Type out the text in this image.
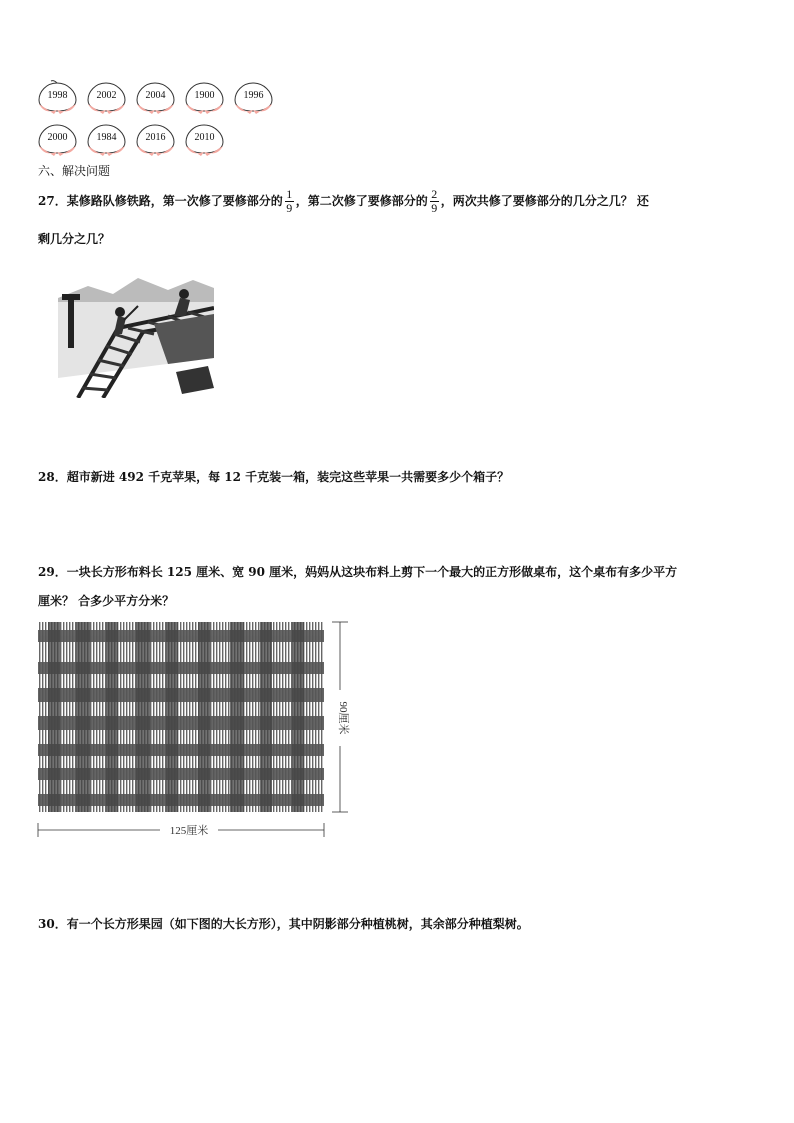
1998	2002	2004	1900	1996
2000	1984	2016	2010
六、解决问题
27．某修路队修铁路，第一次修了要修部分的 $\frac{1}{9}$ ，第二次修了要修部分的 $\frac{2}{9}$ ，两次共修了要修部分的几分之几？ 还
剩几分之几？
28．超市新进 492 千克苹果，每 12 千克装一箱，装完这些苹果一共需要多少个箱子？
29．一块长方形布料长 125 厘米、宽 90 厘米，妈妈从这块布料上剪下一个最大的正方形做桌布，这个桌布有多少平方
厘米？ 合多少平方分米？
125厘米
90厘米
30．有一个长方形果园（如下图的大长方形），其中阴影部分种植桃树，其余部分种植梨树。
